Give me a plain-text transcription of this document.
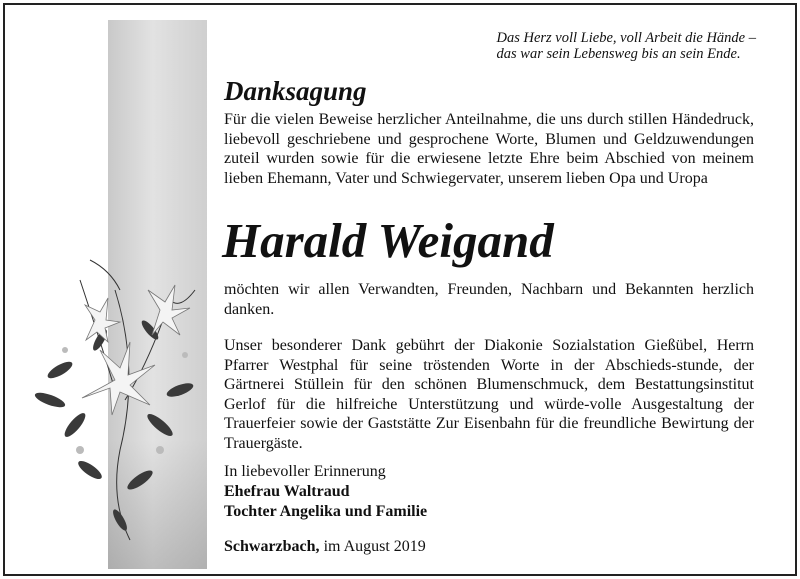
Das Herz voll Liebe, voll Arbeit die Hände –
das war sein Lebensweg bis an sein Ende.
Danksagung
Für die vielen Beweise herzlicher Anteilnahme, die uns durch stillen Händedruck, liebevoll geschriebene und gesprochene Worte, Blumen und Geldzuwendungen zuteil wurden sowie für die erwiesene letzte Ehre beim Abschied von meinem lieben Ehemann, Vater und Schwiegervater, unserem lieben Opa und Uropa
Harald Weigand
möchten wir allen Verwandten, Freunden, Nachbarn und Bekannten herzlich danken.
Unser besonderer Dank gebührt der Diakonie Sozialstation Gießübel, Herrn Pfarrer Westphal für seine tröstenden Worte in der Abschieds-stunde, der Gärtnerei Stüllein für den schönen Blumenschmuck, dem Bestattungsinstitut Gerlof für die hilfreiche Unterstützung und würde-volle Ausgestaltung der Trauerfeier sowie der Gaststätte Zur Eisenbahn für die freundliche Bewirtung der Trauergäste.
In liebevoller Erinnerung
Ehefrau Waltraud
Tochter Angelika und Familie
Schwarzbach, im August 2019
